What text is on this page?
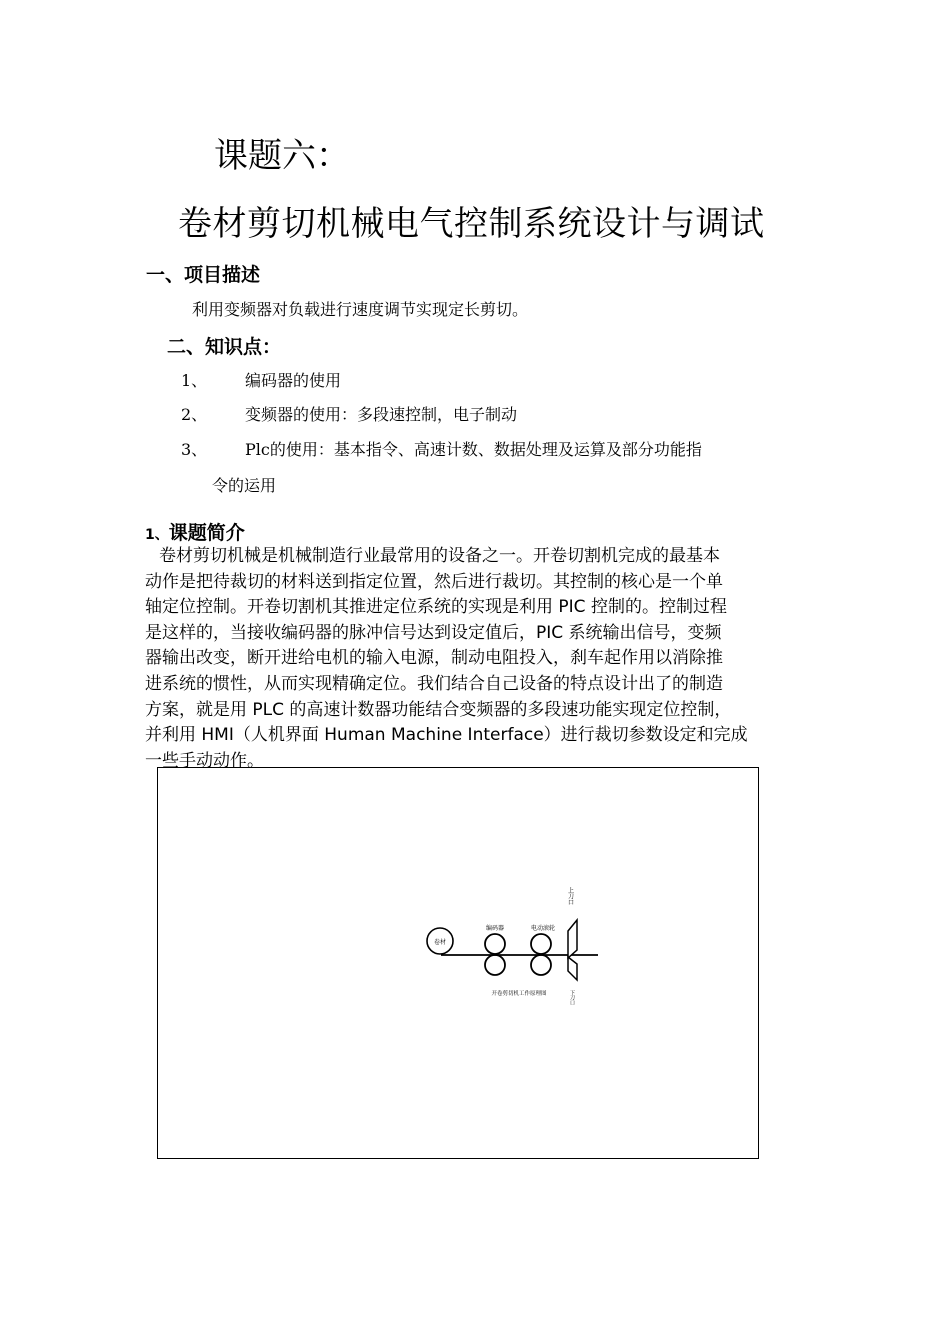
课题六：
卷材剪切机械电气控制系统设计与调试
一、项目描述
利用变频器对负载进行速度调节实现定长剪切。
二、知识点：
1、 编码器的使用
2、 变频器的使用：多段速控制，电子制动
3、 Plc的使用：基本指令、高速计数、数据处理及运算及部分功能指
令的运用
1、课题简介
卷材剪切机械是机械制造行业最常用的设备之一。开卷切割机完成的最基本
动作是把待裁切的材料送到指定位置，然后进行裁切。其控制的核心是一个单
轴定位控制。开卷切割机其推进定位系统的实现是利用 PIC 控制的。控制过程
是这样的，当接收编码器的脉冲信号达到设定值后，PIC 系统输出信号，变频
器输出改变，断开进给电机的输入电源，制动电阻投入，刹车起作用以消除推
进系统的惯性，从而实现精确定位。我们结合自己设备的特点设计出了的制造
方案，就是用 PLC 的高速计数器功能结合变频器的多段速功能实现定位控制，
并利用 HMI（人机界面 Human Machine Interface）进行裁切参数设定和完成
一些手动动作。
卷材
编码器	电动滚轮
上刀口
下刀口
开卷剪切机工作原理图
